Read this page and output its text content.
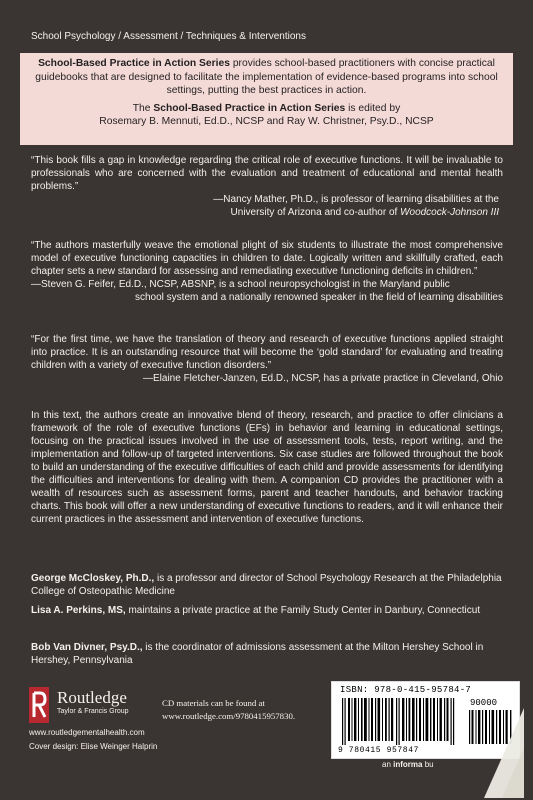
School Psychology / Assessment / Techniques & Interventions

School-Based Practice in Action Series provides school-based practitioners with concise practical guidebooks that are designed to facilitate the implementation of evidence-based programs into school settings, putting the best practices in action.

The School-Based Practice in Action Series is edited by

Rosemary B. Mennuti, Ed.D., NCSP and Ray W. Christner, Psy.D., NCSP

“This book fills a gap in knowledge regarding the critical role of executive functions. It will be invaluable to professionals who are concerned with the evaluation and treatment of educational and mental health problems.”

—Nancy Mather, Ph.D., is professor of learning disabilities at the

University of Arizona and co-author of Woodcock-Johnson III

“The authors masterfully weave the emotional plight of six students to illustrate the most comprehensive model of executive functioning capacities in children to date. Logically written and skillfully crafted, each chapter sets a new standard for assessing and remediating executive functioning deficits in children.”

—Steven G. Feifer, Ed.D., NCSP, ABSNP, is a school neuropsychologist in the Maryland public

school system and a nationally renowned speaker in the field of learning disabilities

“For the first time, we have the translation of theory and research of executive functions applied straight into practice. It is an outstanding resource that will become the ‘gold standard’ for evaluating and treating children with a variety of executive function disorders.”

—Elaine Fletcher-Janzen, Ed.D., NCSP, has a private practice in Cleveland, Ohio

In this text, the authors create an innovative blend of theory, research, and practice to offer clinicians a framework of the role of executive functions (EFs) in behavior and learning in educational settings, focusing on the practical issues involved in the use of assessment tools, tests, report writing, and the implementation and follow-up of targeted interventions. Six case studies are followed throughout the book to build an understanding of the executive difficulties of each child and provide assessments for identifying the difficulties and interventions for dealing with them. A companion CD provides the practitioner with a wealth of resources such as assessment forms, parent and teacher handouts, and behavior tracking charts. This book will offer a new understanding of executive functions to readers, and it will enhance their current practices in the assessment and intervention of executive functions.

George McCloskey, Ph.D., is a professor and director of School Psychology Research at the Philadelphia College of Osteopathic Medicine

Lisa A. Perkins, MS, maintains a private practice at the Family Study Center in Danbury, Connecticut

Bob Van Divner, Psy.D., is the coordinator of admissions assessment at the Milton Hershey School in Hershey, Pennsylvania

Routledge
Taylor & Francis Group
www.routledgementalhealth.com
Cover design: Elise Weinger Halprin
CD materials can be found at
www.routledge.com/9780415957830.
ISBN: 978-0-415-95784-7
90000
9 780415 957847
an informa bu
